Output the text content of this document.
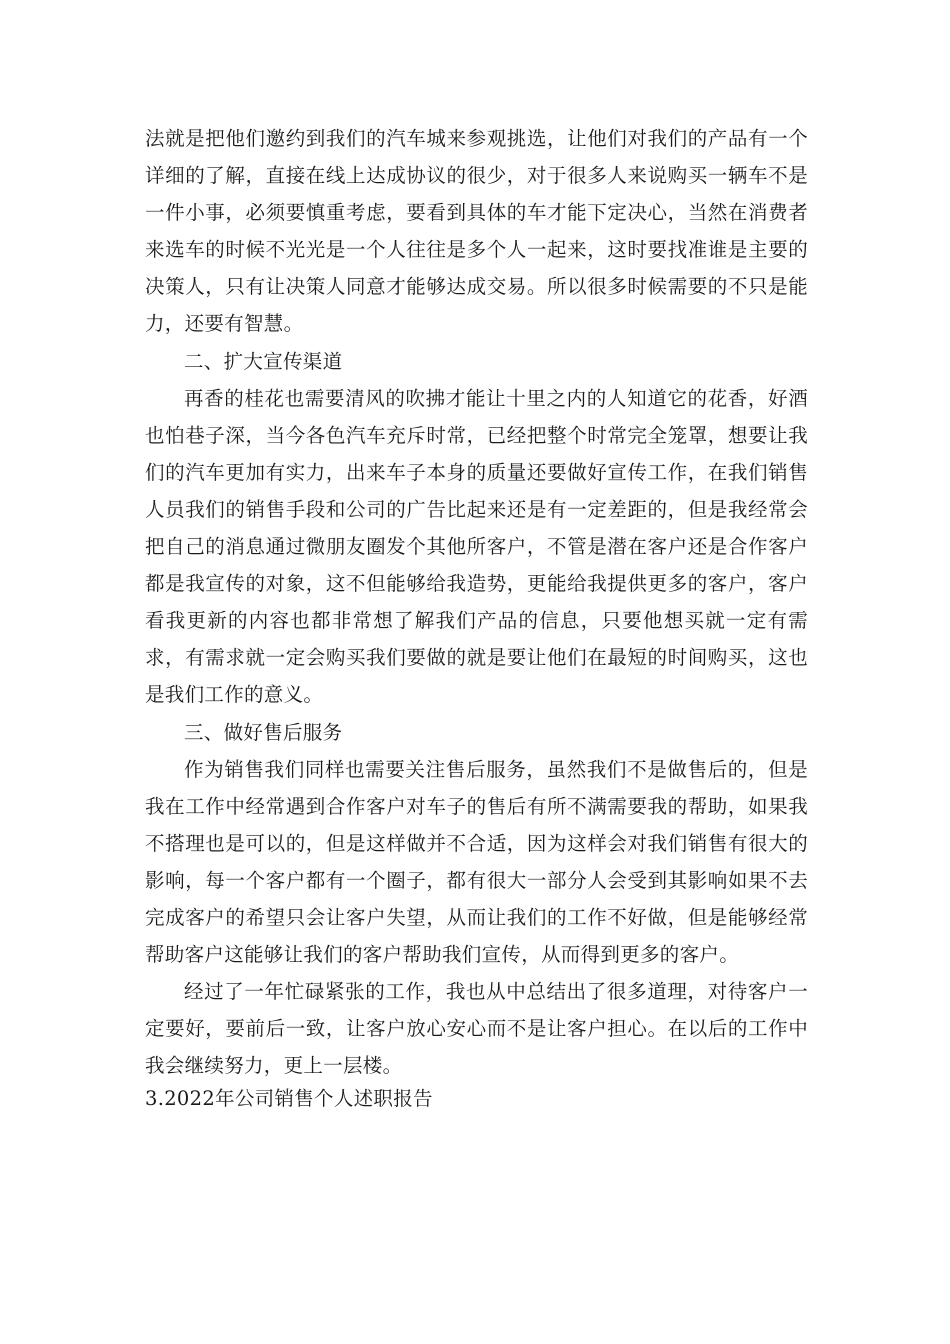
法就是把他们邀约到我们的汽车城来参观挑选，让他们对我们的产品有一个详细的了解，直接在线上达成协议的很少，对于很多人来说购买一辆车不是一件小事，必须要慎重考虑，要看到具体的车才能下定决心，当然在消费者来选车的时候不光光是一个人往往是多个人一起来，这时要找准谁是主要的决策人，只有让决策人同意才能够达成交易。所以很多时候需要的不只是能力，还要有智慧。

二、扩大宣传渠道

再香的桂花也需要清风的吹拂才能让十里之内的人知道它的花香，好酒也怕巷子深，当今各色汽车充斥时常，已经把整个时常完全笼罩，想要让我们的汽车更加有实力，出来车子本身的质量还要做好宣传工作，在我们销售人员我们的销售手段和公司的广告比起来还是有一定差距的，但是我经常会把自己的消息通过微朋友圈发个其他所客户，不管是潜在客户还是合作客户都是我宣传的对象，这不但能够给我造势，更能给我提供更多的客户，客户看我更新的内容也都非常想了解我们产品的信息，只要他想买就一定有需求，有需求就一定会购买我们要做的就是要让他们在最短的时间购买，这也是我们工作的意义。

三、做好售后服务

作为销售我们同样也需要关注售后服务，虽然我们不是做售后的，但是我在工作中经常遇到合作客户对车子的售后有所不满需要我的帮助，如果我不搭理也是可以的，但是这样做并不合适，因为这样会对我们销售有很大的影响，每一个客户都有一个圈子，都有很大一部分人会受到其影响如果不去完成客户的希望只会让客户失望，从而让我们的工作不好做，但是能够经常帮助客户这能够让我们的客户帮助我们宣传，从而得到更多的客户。

经过了一年忙碌紧张的工作，我也从中总结出了很多道理，对待客户一定要好，要前后一致，让客户放心安心而不是让客户担心。在以后的工作中我会继续努力，更上一层楼。

3.2022年公司销售个人述职报告
